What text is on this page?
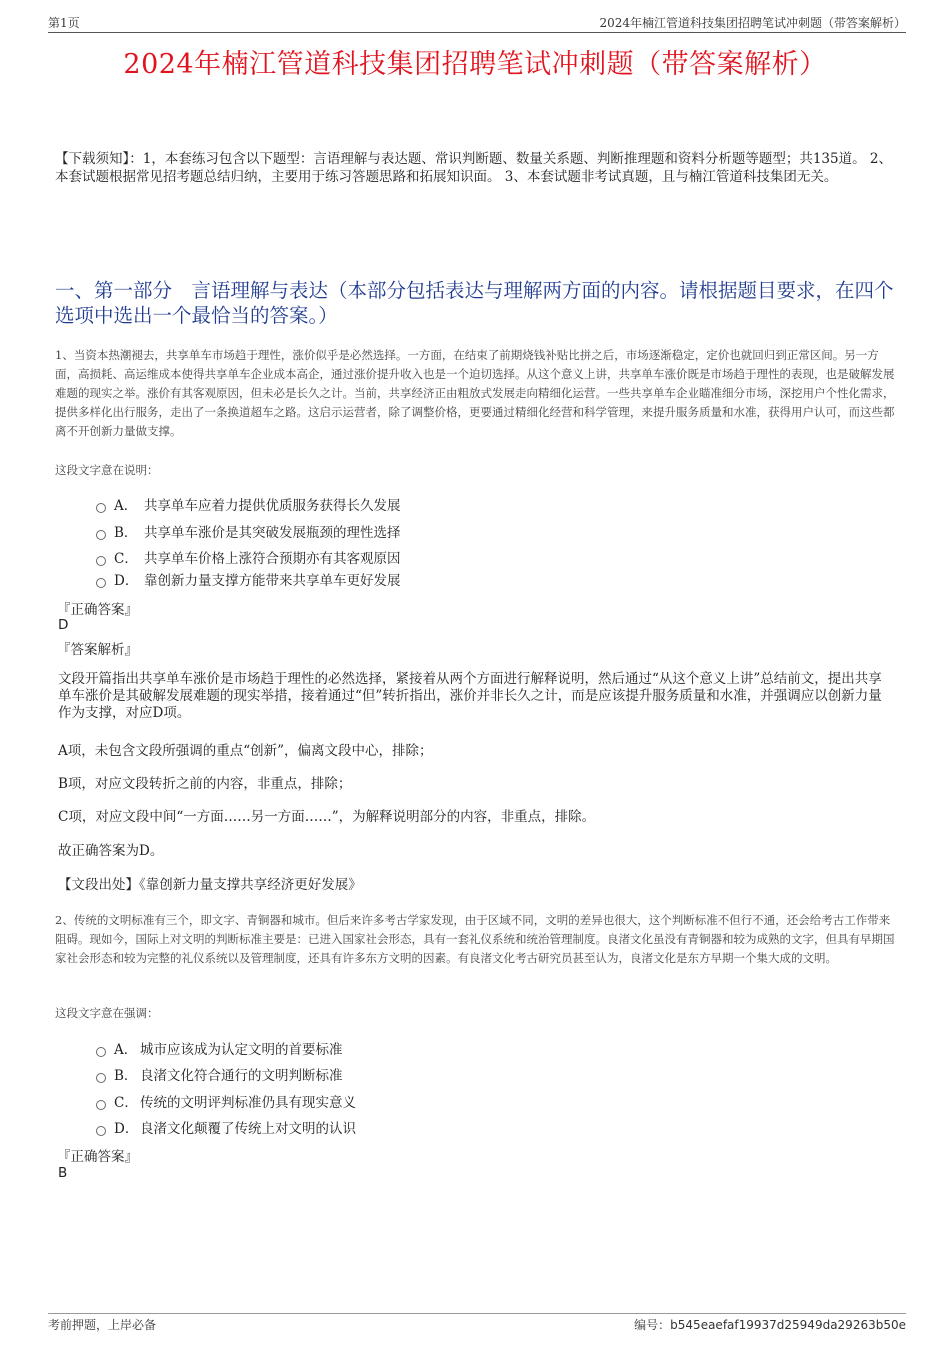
第1页	2024年楠江管道科技集团招聘笔试冲刺题（带答案解析）
2024年楠江管道科技集团招聘笔试冲刺题（带答案解析）
【下载须知】：1，本套练习包含以下题型：言语理解与表达题、常识判断题、数量关系题、判断推理题和资料分析题等题型；共135道。 2、本套试题根据常见招考题总结归纳，主要用于练习答题思路和拓展知识面。 3、本套试题非考试真题，且与楠江管道科技集团无关。
一、第一部分　言语理解与表达（本部分包括表达与理解两方面的内容。请根据题目要求，在四个选项中选出一个最恰当的答案。）
1、当资本热潮褪去，共享单车市场趋于理性，涨价似乎是必然选择。一方面，在结束了前期烧钱补贴比拼之后，市场逐渐稳定，定价也就回归到正常区间。另一方面，高损耗、高运维成本使得共享单车企业成本高企，通过涨价提升收入也是一个迫切选择。从这个意义上讲，共享单车涨价既是市场趋于理性的表现，也是破解发展难题的现实之举。涨价有其客观原因，但未必是长久之计。当前，共享经济正由粗放式发展走向精细化运营。一些共享单车企业瞄准细分市场，深挖用户个性化需求，提供多样化出行服务，走出了一条换道超车之路。这启示运营者，除了调整价格，更要通过精细化经营和科学管理，来提升服务质量和水准，获得用户认可，而这些都离不开创新力量做支撑。
这段文字意在说明：
A． 共享单车应着力提供优质服务获得长久发展
B． 共享单车涨价是其突破发展瓶颈的理性选择
C． 共享单车价格上涨符合预期亦有其客观原因
D． 靠创新力量支撑方能带来共享单车更好发展
『正确答案』
D
『答案解析』
文段开篇指出共享单车涨价是市场趋于理性的必然选择，紧接着从两个方面进行解释说明，然后通过“从这个意义上讲”总结前文，提出共享单车涨价是其破解发展难题的现实举措，接着通过“但”转折指出，涨价并非长久之计，而是应该提升服务质量和水准，并强调应以创新力量作为支撑，对应D项。
A项，未包含文段所强调的重点“创新”，偏离文段中心，排除；
B项，对应文段转折之前的内容，非重点，排除；
C项，对应文段中间“一方面……另一方面……”，为解释说明部分的内容，非重点，排除。
故正确答案为D。
【文段出处】《靠创新力量支撑共享经济更好发展》
2、传统的文明标准有三个，即文字、青铜器和城市。但后来许多考古学家发现，由于区域不同，文明的差异也很大，这个判断标准不但行不通，还会给考古工作带来阻碍。现如今，国际上对文明的判断标准主要是：已进入国家社会形态，具有一套礼仪系统和统治管理制度。良渚文化虽没有青铜器和较为成熟的文字，但具有早期国家社会形态和较为完整的礼仪系统以及管理制度，还具有许多东方文明的因素。有良渚文化考古研究员甚至认为，良渚文化是东方早期一个集大成的文明。
这段文字意在强调：
A． 城市应该成为认定文明的首要标准
B． 良渚文化符合通行的文明判断标准
C． 传统的文明评判标准仍具有现实意义
D． 良渚文化颠覆了传统上对文明的认识
『正确答案』
B
考前押题，上岸必备	编号：b545eaefaf19937d25949da29263b50e
